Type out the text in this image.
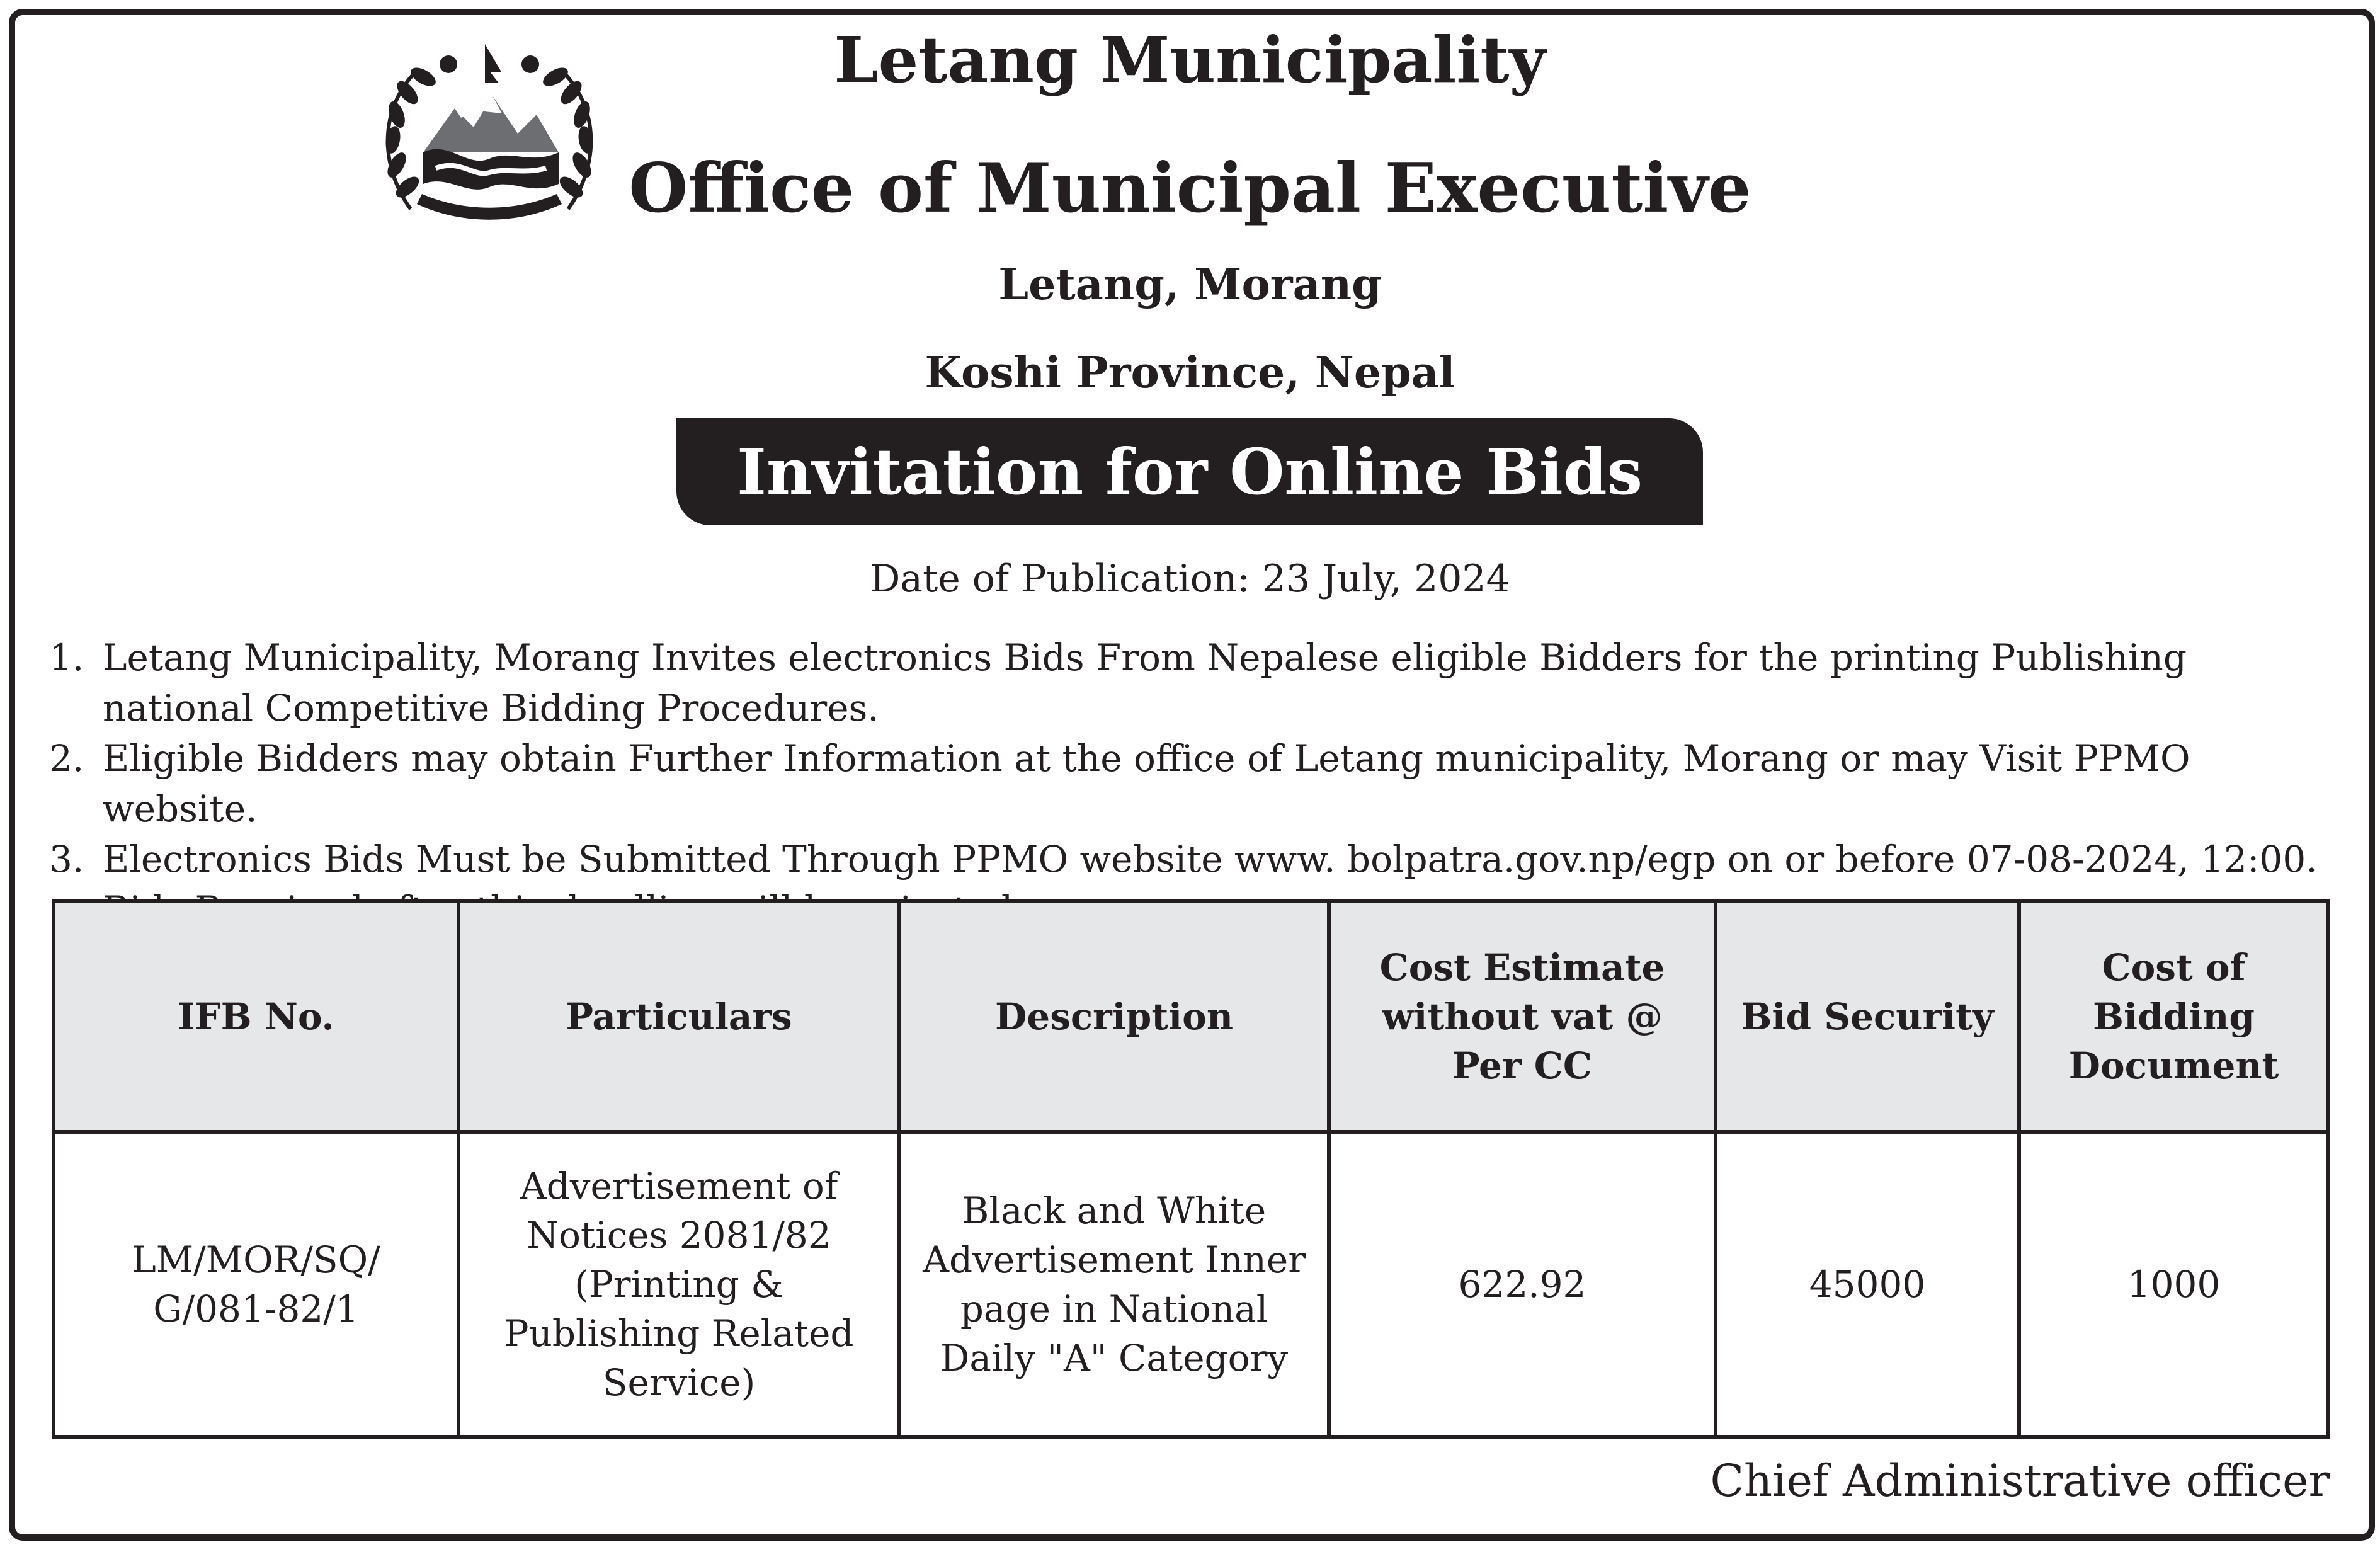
Letang Municipality
Office of Municipal Executive
Letang, Morang
Koshi Province, Nepal
Invitation for Online Bids
Date of Publication: 23 July, 2024
1. Letang Municipality, Morang Invites electronics Bids From Nepalese eligible Bidders for the printing Publishing national Competitive Bidding Procedures.
2. Eligible Bidders may obtain Further Information at the office of Letang municipality, Morang or may Visit PPMO website.
3. Electronics Bids Must be Submitted Through PPMO website www. bolpatra.gov.np/egp on or before 07-08-2024, 12:00.
IFB No.	Particulars	Description	Cost Estimate without vat @ Per CC	Bid Security	Cost of Bidding Document
LM/MOR/SQ/ G/081-82/1	Advertisement of Notices 2081/82 (Printing & Publishing Related Service)	Black and White Advertisement Inner page in National Daily "A" Category	622.92	45000	1000
Chief Administrative officer
